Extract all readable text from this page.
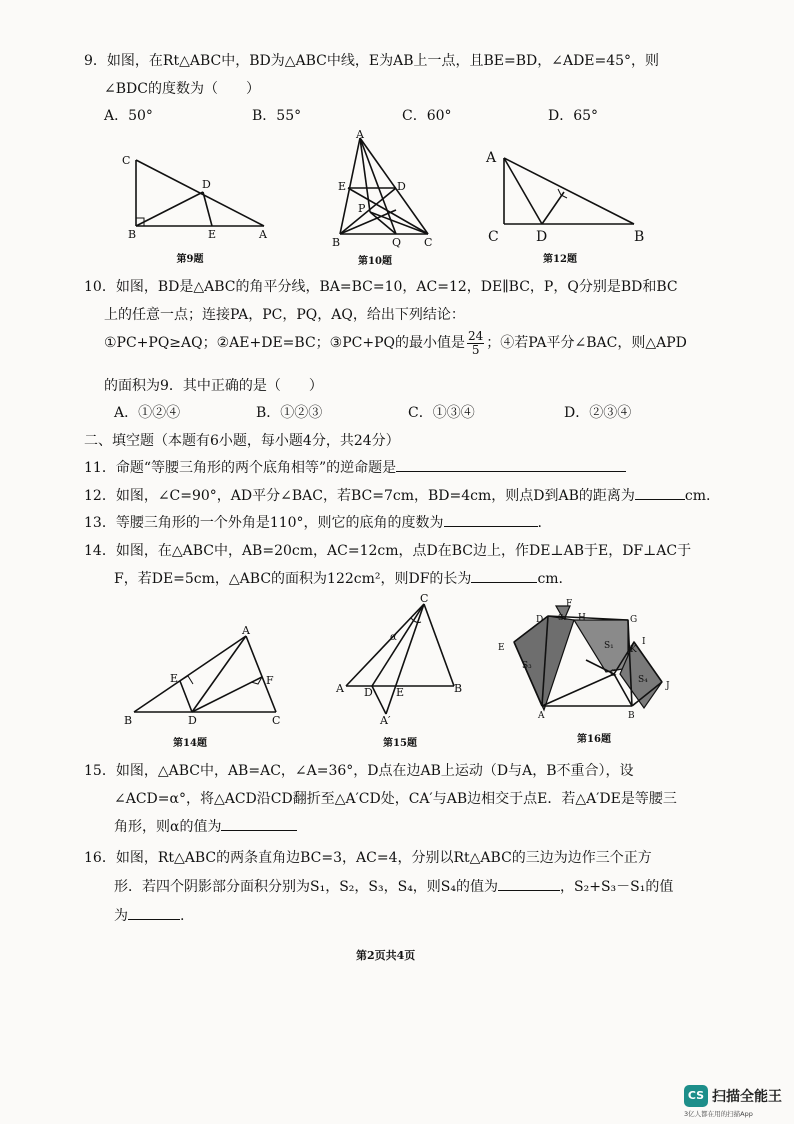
9．如图，在Rt△ABC中，BD为△ABC中线，E为AB上一点，且BE=BD，∠ADE=45°，则
∠BDC的度数为（　　）
A．50°	B．55°	C．60°	D．65°
C
D
B	E	A
第9题
A
E	D
P
B	Q C
第10题
A
C	D	B
第12题
10．如图，BD是△ABC的角平分线，BA=BC=10，AC=12，DE∥BC，P，Q分别是BD和BC
上的任意一点；连接PA，PC，PQ，AQ，给出下列结论：
①PC+PQ≥AQ；②AE+DE=BC；③PC+PQ的最小值是 $\frac{24}{5}$ ；④若PA平分∠BAC，则△APD
的面积为9．其中正确的是（　　）
A．①②④	B．①②③	C．①③④	D．②③④
二、填空题（本题有6小题，每小题4分，共24分）
11．命题“等腰三角形的两个底角相等”的逆命题是
12．如图，∠C=90°，AD平分∠BAC，若BC=7cm，BD=4cm，则点D到AB的距离为	cm.
13．等腰三角形的一个外角是110°，则它的底角的度数为	.
14．如图，在△ABC中，AB=20cm，AC=12cm，点D在BC边上，作DE⊥AB于E，DF⊥AC于
F，若DE=5cm，△ABC的面积为122cm²，则DF的长为	cm.
A
E	F
B	D	C
第14题
C
α
A D E	B
A′
第15题
F
D	H	G
S₂
S₁	I
K
E
S₃
C
S₄
J
A	B
第16题
15．如图，△ABC中，AB=AC，∠A=36°，D点在边AB上运动（D与A，B不重合），设
∠ACD=α°，将△ACD沿CD翻折至△A′CD处，CA′与AB边相交于点E．若△A′DE是等腰三
角形，则α的值为
16．如图，Rt△ABC的两条直角边BC=3，AC=4，分别以Rt△ABC的三边为边作三个正方
形．若四个阴影部分面积分别为S₁，S₂，S₃，S₄，则S₄的值为	，S₂+S₃－S₁的值
为	.
第2页共4页
CS 扫描全能王
3亿人都在用的扫描App
